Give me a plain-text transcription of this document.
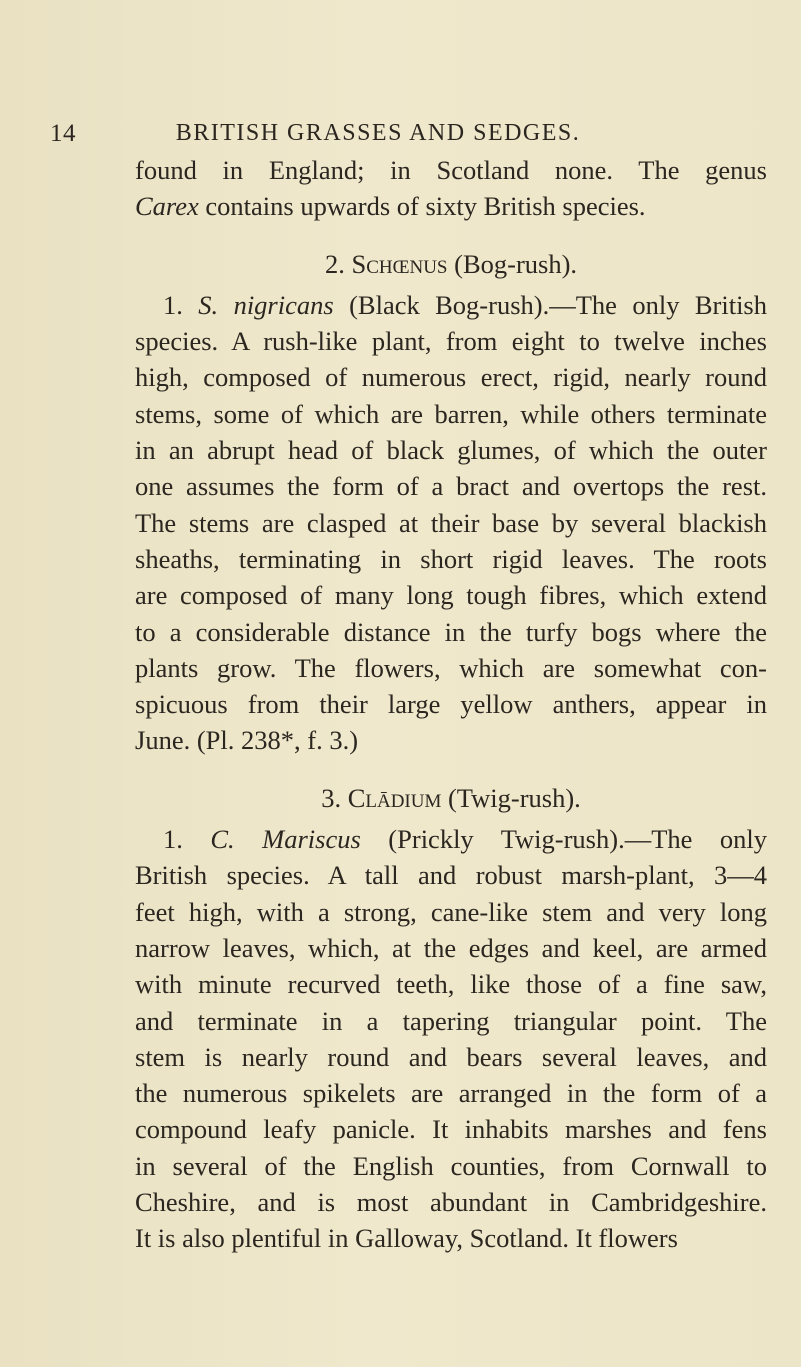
14	BRITISH GRASSES AND SEDGES.
found in England; in Scotland none. The genus
Carex contains upwards of sixty British species.
2. Schœnus (Bog-rush).
1. S. nigricans (Black Bog-rush).—The only British
species. A rush-like plant, from eight to twelve inches
high, composed of numerous erect, rigid, nearly round
stems, some of which are barren, while others terminate
in an abrupt head of black glumes, of which the outer
one assumes the form of a bract and overtops the rest.
The stems are clasped at their base by several blackish
sheaths, terminating in short rigid leaves. The roots
are composed of many long tough fibres, which extend
to a considerable distance in the turfy bogs where the
plants grow. The flowers, which are somewhat con-
spicuous from their large yellow anthers, appear in
June. (Pl. 238*, f. 3.)
3. Clādium (Twig-rush).
1. C. Mariscus (Prickly Twig-rush).—The only
British species. A tall and robust marsh-plant, 3—4
feet high, with a strong, cane-like stem and very long
narrow leaves, which, at the edges and keel, are armed
with minute recurved teeth, like those of a fine saw,
and terminate in a tapering triangular point. The
stem is nearly round and bears several leaves, and
the numerous spikelets are arranged in the form of a
compound leafy panicle. It inhabits marshes and fens
in several of the English counties, from Cornwall to
Cheshire, and is most abundant in Cambridgeshire.
It is also plentiful in Galloway, Scotland. It flowers
